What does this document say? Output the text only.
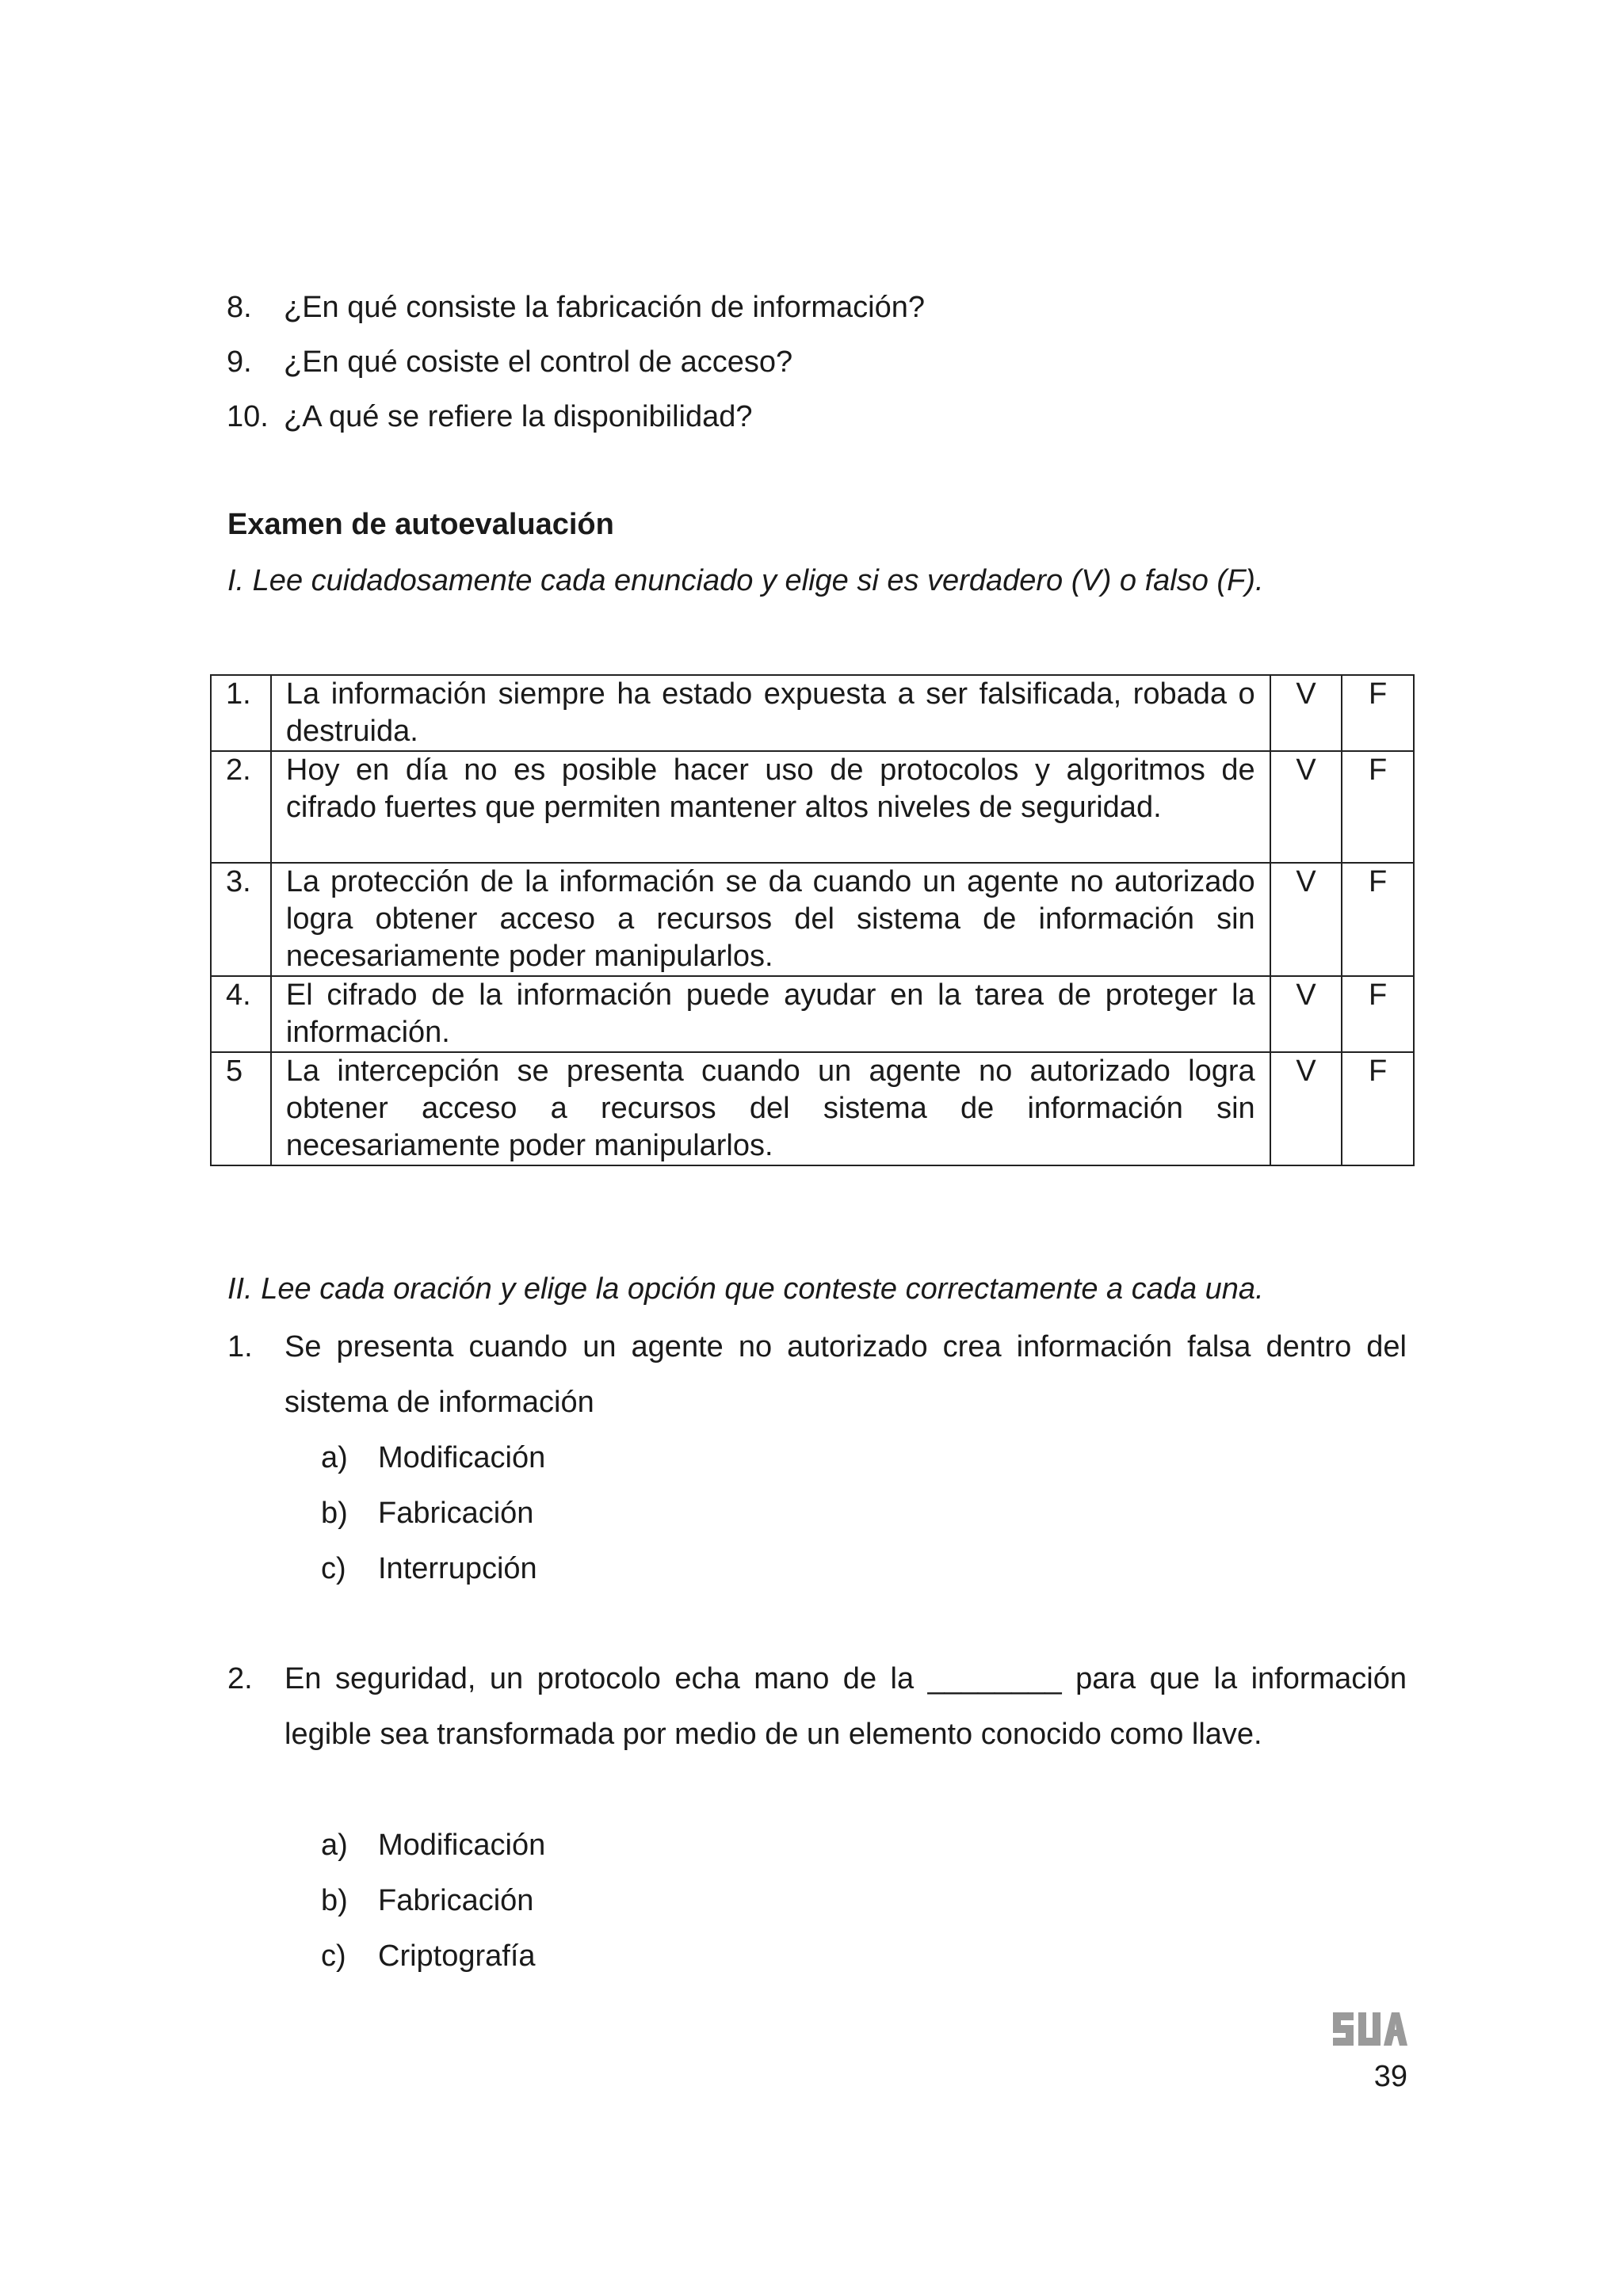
8. ¿En qué consiste la fabricación de información?
9. ¿En qué cosiste el control de acceso?
10. ¿A qué se refiere la disponibilidad?
Examen de autoevaluación
I. Lee cuidadosamente cada enunciado y elige si es verdadero (V) o falso (F).
1.	La información siempre ha estado expuesta a ser falsificada, robada o destruida.	V	F
2.	Hoy en día no es posible hacer uso de protocolos y algoritmos de cifrado fuertes que permiten mantener altos niveles de seguridad.	V	F
3.	La protección de la información se da cuando un agente no autorizado logra obtener acceso a recursos del sistema de información sin necesariamente poder manipularlos.	V	F
4.	El cifrado de la información puede ayudar en la tarea de proteger la información.	V	F
5	La intercepción se presenta cuando un agente no autorizado logra obtener acceso a recursos del sistema de información sin necesariamente poder manipularlos.	V	F
II. Lee cada oración y elige la opción que conteste correctamente a cada una.
1. Se presenta cuando un agente no autorizado crea información falsa dentro del sistema de información
a) Modificación
b) Fabricación
c) Interrupción
2. En seguridad, un protocolo echa mano de la ________ para que la información legible sea transformada por medio de un elemento conocido como llave.
a) Modificación
b) Fabricación
c) Criptografía
39
